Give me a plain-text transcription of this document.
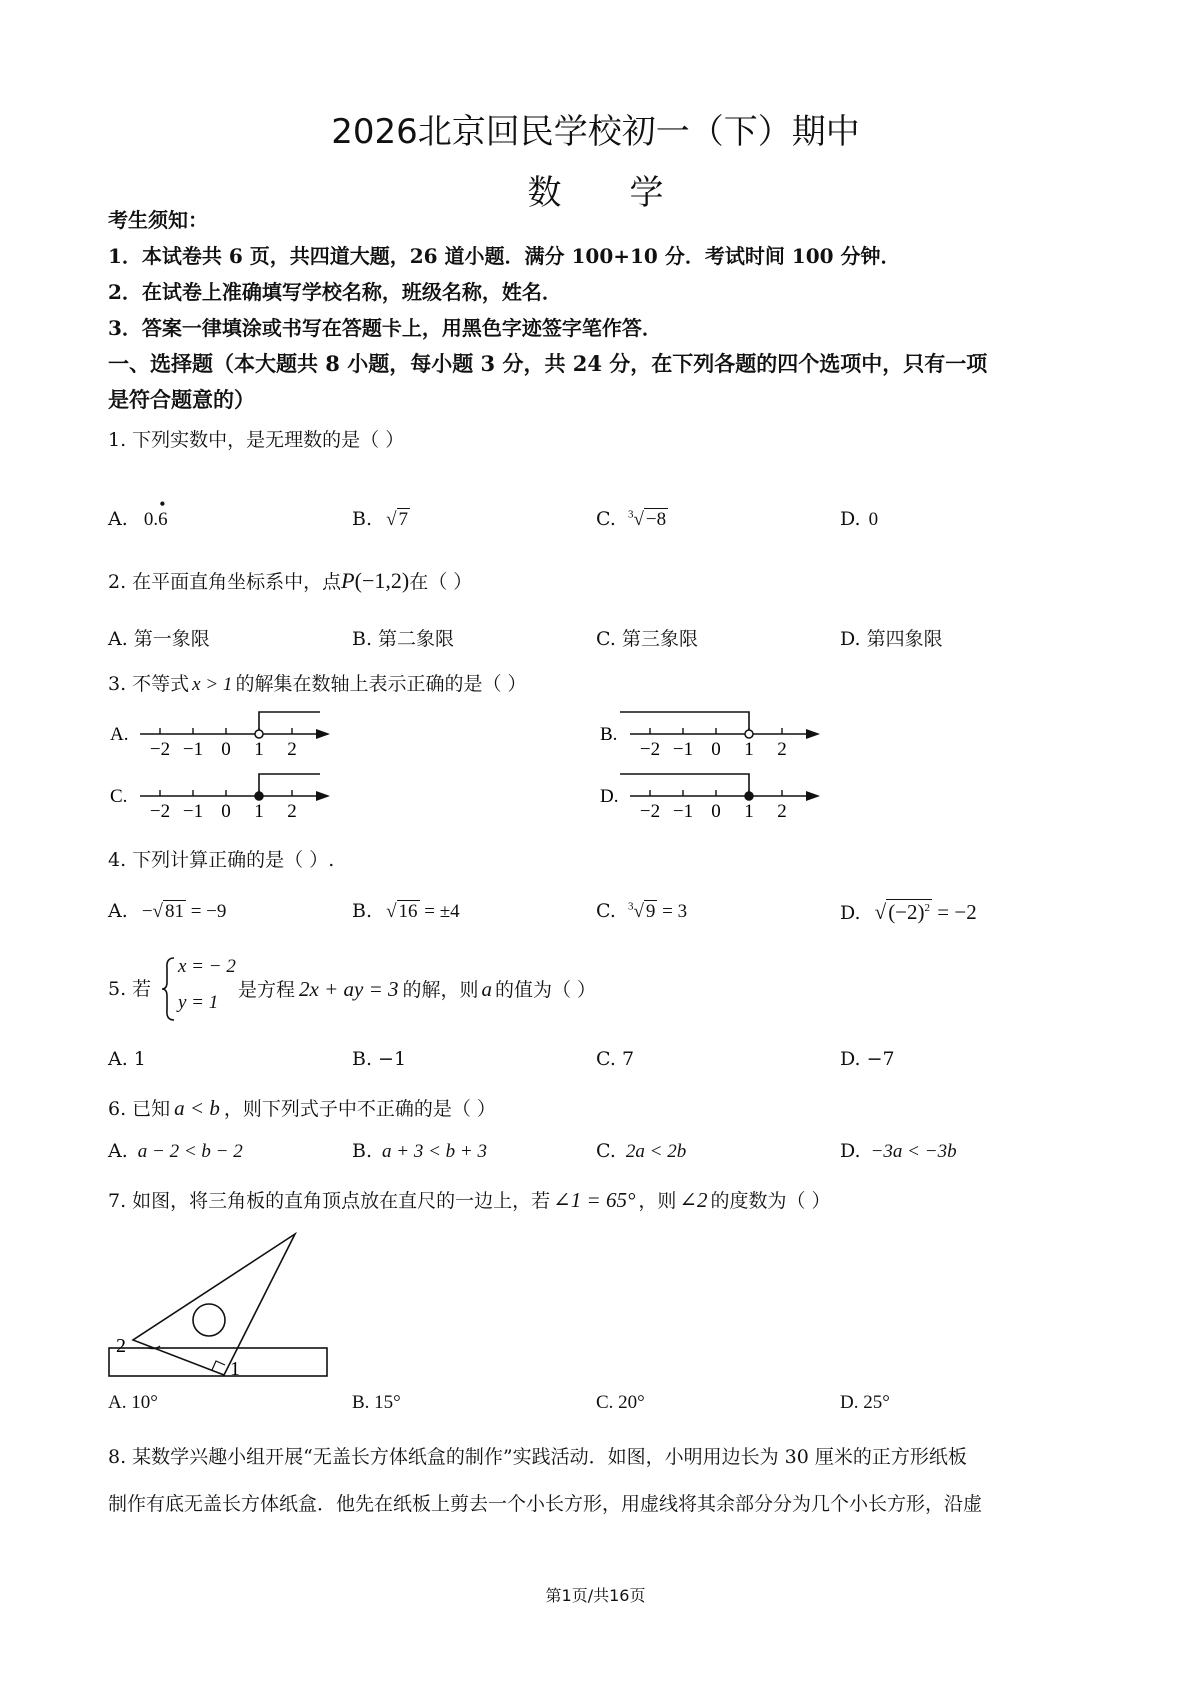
2026北京回民学校初一（下）期中
数 学
考生须知：
1．本试卷共 6 页，共四道大题，26 道小题．满分 100+10 分．考试时间 100 分钟．
2．在试卷上准确填写学校名称，班级名称，姓名．
3．答案一律填涂或书写在答题卡上，用黑色字迹签字笔作答．
一、选择题（本大题共 8 小题，每小题 3 分，共 24 分，在下列各题的四个选项中，只有一项
是符合题意的）
1. 下列实数中，是无理数的是（ ）
A. 0.6
•
B. √ 7	C. $^3$√ −8	D. 0
2. 在平面直角坐标系中，点P(−1,2)在（ ）
A. 第一象限	B. 第二象限	C. 第三象限	D. 第四象限
3. 不等式 x > 1 的解集在数轴上表示正确的是（ ）
A.
−2 −1 0 1 2
B.
−2 −1 0 1 2
C.
−2 −1 0 1 2
D.
−2 −1 0 1 2
4. 下列计算正确的是（ ）.
A. −√ 81 = −9	B. √ 16 = ±4	C. $^3$√ 9 = 3	D. $√(-2)^2 = -2$
5. 若
x = − 2
y = 1
是方程 2x + ay = 3 的解，则 a 的值为（ ）
A. 1	B. −1	C. 7	D. −7
6. 已知 a < b ，则下列式子中不正确的是（ ）
A. a − 2 < b − 2	B. a + 3 < b + 3	C. 2a < 2b	D. −3a < −3b
7. 如图，将三角板的直角顶点放在直尺的一边上，若 ∠1 = 65° ，则 ∠2 的度数为（ ）
1
2
A. 10°	B. 15°	C. 20°	D. 25°
8. 某数学兴趣小组开展“无盖长方体纸盒的制作”实践活动．如图，小明用边长为 30 厘米的正方形纸板
制作有底无盖长方体纸盒．他先在纸板上剪去一个小长方形，用虚线将其余部分分为几个小长方形，沿虚
第1页/共16页
